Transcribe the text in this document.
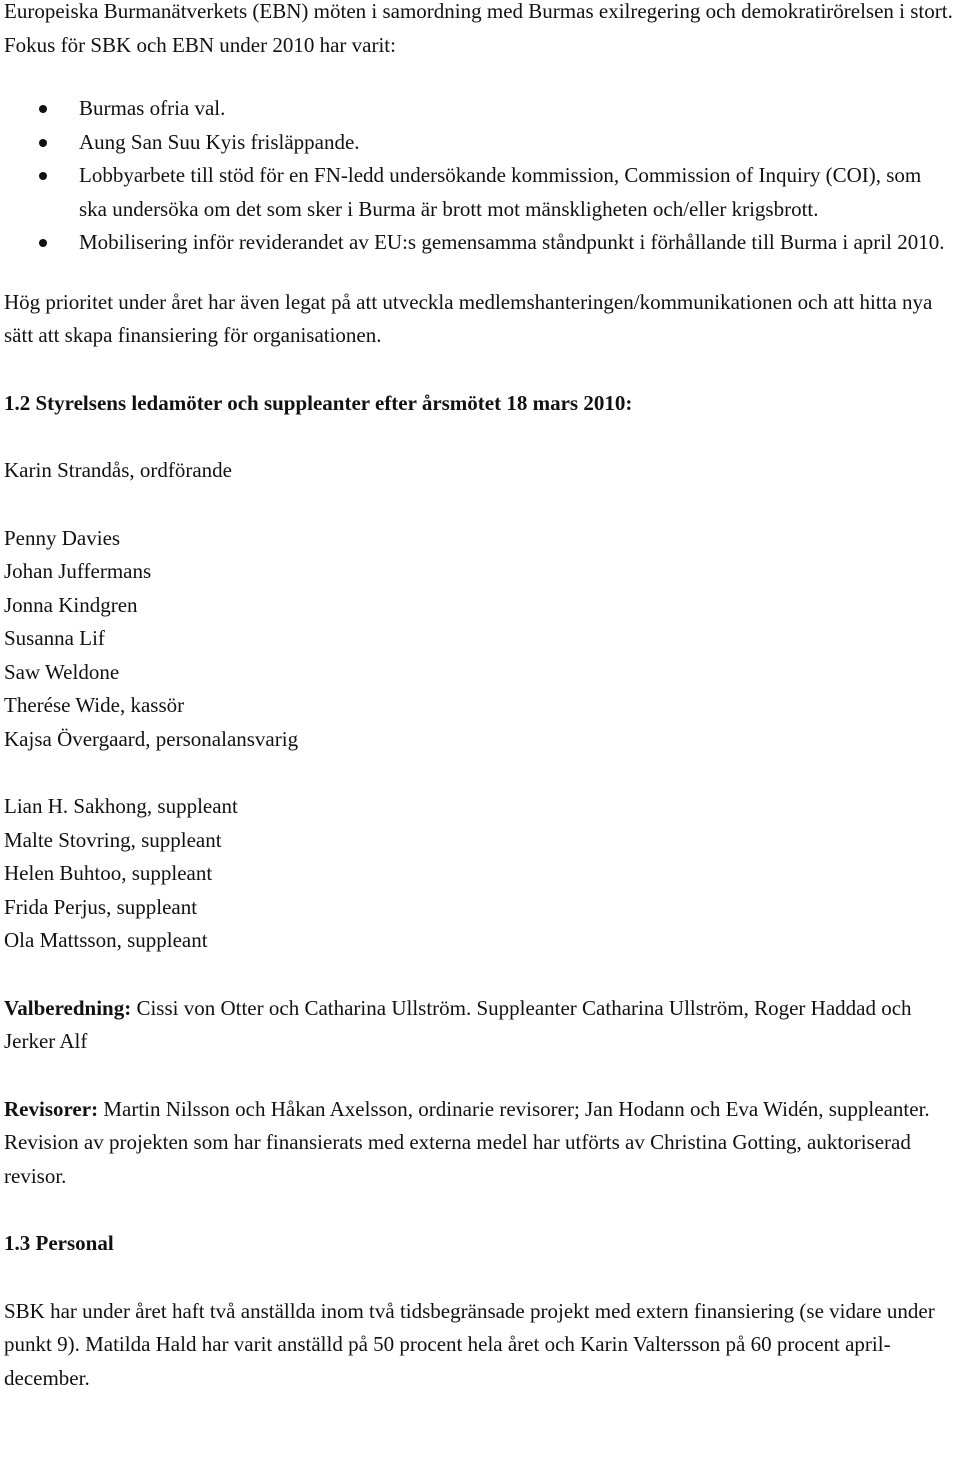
Europeiska Burmanätverkets (EBN) möten i samordning med Burmas exilregering och demokratirörelsen i stort. Fokus för SBK och EBN under 2010 har varit:

Burmas ofria val.
Aung San Suu Kyis frisläppande.
Lobbyarbete till stöd för en FN-ledd undersökande kommission, Commission of Inquiry (COI), som ska undersöka om det som sker i Burma är brott mot mänskligheten och/eller krigsbrott.
Mobilisering inför reviderandet av EU:s gemensamma ståndpunkt i förhållande till Burma i april 2010.

Hög prioritet under året har även legat på att utveckla medlemshanteringen/kommunikationen och att hitta nya sätt att skapa finansiering för organisationen.

1.2 Styrelsens ledamöter och suppleanter efter årsmötet 18 mars 2010:

Karin Strandås, ordförande

Penny Davies
Johan Juffermans
Jonna Kindgren
Susanna Lif
Saw Weldone
Therése Wide, kassör
Kajsa Övergaard, personalansvarig
Lian H. Sakhong, suppleant
Malte Stovring, suppleant
Helen Buhtoo, suppleant
Frida Perjus, suppleant
Ola Mattsson, suppleant

Valberedning: Cissi von Otter och Catharina Ullström. Suppleanter Catharina Ullström, Roger Haddad och Jerker Alf

Revisorer: Martin Nilsson och Håkan Axelsson, ordinarie revisorer; Jan Hodann och Eva Widén, suppleanter. Revision av projekten som har finansierats med externa medel har utförts av Christina Gotting, auktoriserad revisor.

1.3 Personal

SBK har under året haft två anställda inom två tidsbegränsade projekt med extern finansiering (se vidare under punkt 9). Matilda Hald har varit anställd på 50 procent hela året och Karin Valtersson på 60 procent april-december.
